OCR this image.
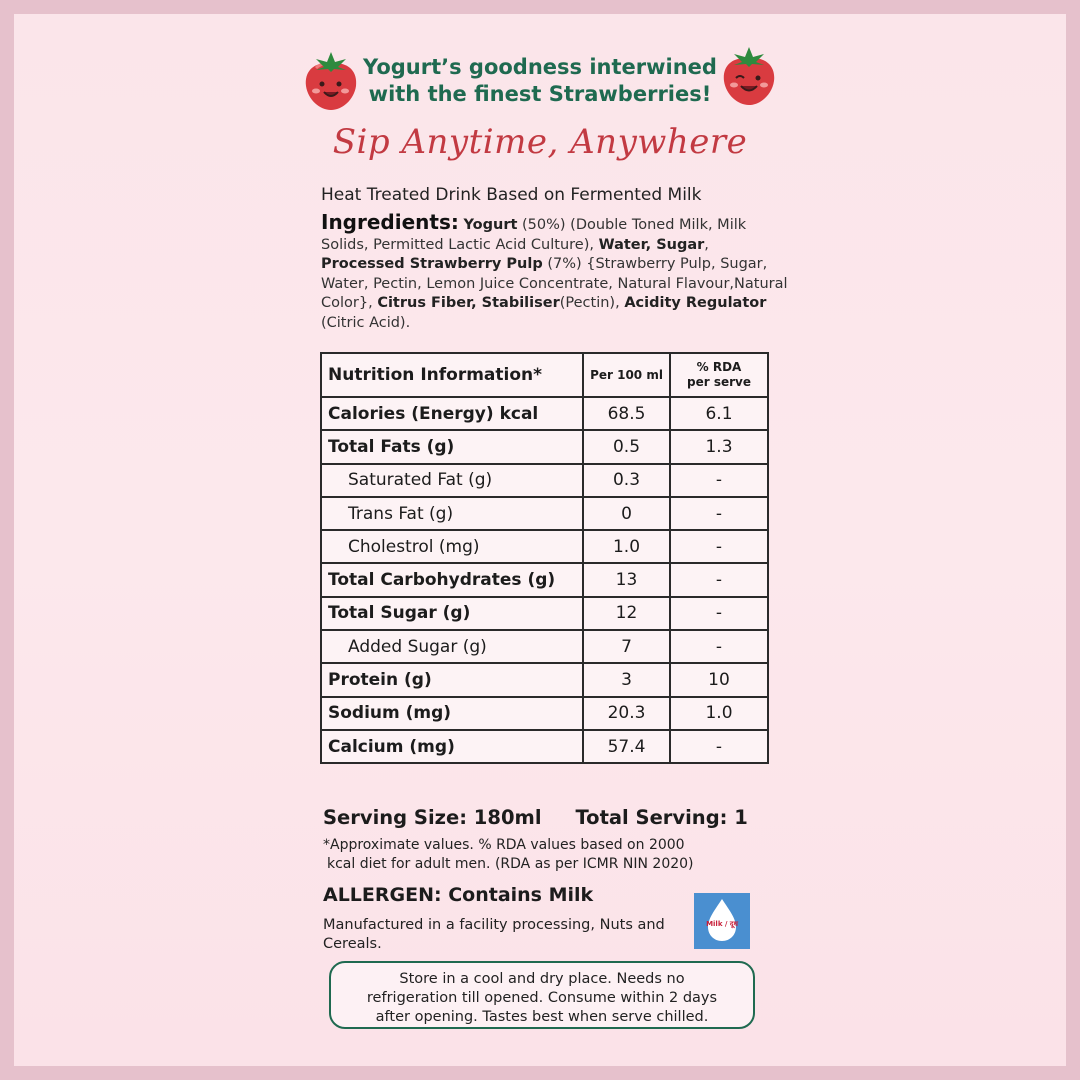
Yogurt’s goodness interwined
with the finest Strawberries!
Sip Anytime, Anywhere
Heat Treated Drink Based on Fermented Milk
Ingredients: Yogurt (50%) (Double Toned Milk, Milk Solids, Permitted Lactic Acid Culture), Water, Sugar, Processed Strawberry Pulp (7%) {Strawberry Pulp, Sugar, Water, Pectin, Lemon Juice Concentrate, Natural Flavour,Natural Color}, Citrus Fiber, Stabiliser(Pectin), Acidity Regulator (Citric Acid).
Nutrition Information*	Per 100 ml	% RDA
per serve

Calories (Energy) kcal	68.5	6.1
Total Fats (g)	0.5	1.3
Saturated Fat (g)	0.3	-
Trans Fat (g)	0	-
Cholestrol (mg)	1.0	-
Total Carbohydrates (g)	13	-
Total Sugar (g)	12	-
Added Sugar (g)	7	-
Protein (g)	3	10
Sodium (mg)	20.3	1.0
Calcium (mg)	57.4	-
Serving Size: 180ml Total Serving: 1
*Approximate values. % RDA values based on 2000
kcal diet for adult men. (RDA as per ICMR NIN 2020)
ALLERGEN: Contains Milk
Manufactured in a facility processing, Nuts and Cereals.
Milk / दूध
Store in a cool and dry place. Needs no
refrigeration till opened. Consume within 2 days
after opening. Tastes best when serve chilled.
